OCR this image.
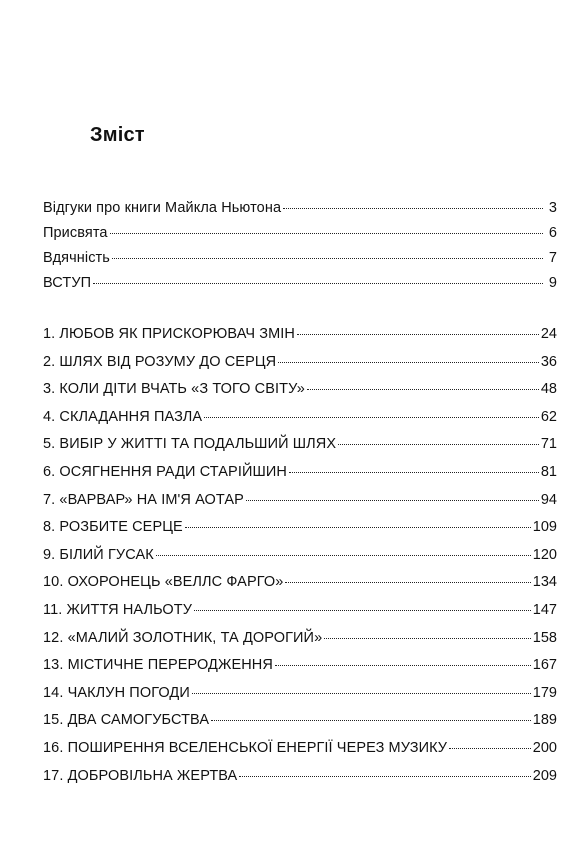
Зміст
Відгуки про книги Майкла Ньютона	3
Присвята	6
Вдячність	7
ВСТУП	9
1. ЛЮБОВ ЯК ПРИСКОРЮВАЧ ЗМІН	24
2. ШЛЯХ ВІД РОЗУМУ ДО СЕРЦЯ	36
3. КОЛИ ДІТИ ВЧАТЬ «З ТОГО СВІТУ»	48
4. СКЛАДАННЯ ПАЗЛА	62
5. ВИБІР У ЖИТТІ ТА ПОДАЛЬШИЙ ШЛЯХ	71
6. ОСЯГНЕННЯ РАДИ СТАРІЙШИН	81
7. «ВАРВАР» НА ІМ'Я АОТАР	94
8. РОЗБИТЕ СЕРЦЕ	109
9. БІЛИЙ ГУСАК	120
10. ОХОРОНЕЦЬ «ВЕЛЛС ФАРГО»	134
11. ЖИТТЯ НАЛЬОТУ	147
12. «МАЛИЙ ЗОЛОТНИК, ТА ДОРОГИЙ»	158
13. МІСТИЧНЕ ПЕРЕРОДЖЕННЯ	167
14. ЧАКЛУН ПОГОДИ	179
15. ДВА САМОГУБСТВА	189
16. ПОШИРЕННЯ ВСЕЛЕНСЬКОЇ ЕНЕРГІЇ ЧЕРЕЗ МУЗИКУ	200
17. ДОБРОВІЛЬНА ЖЕРТВА	209
